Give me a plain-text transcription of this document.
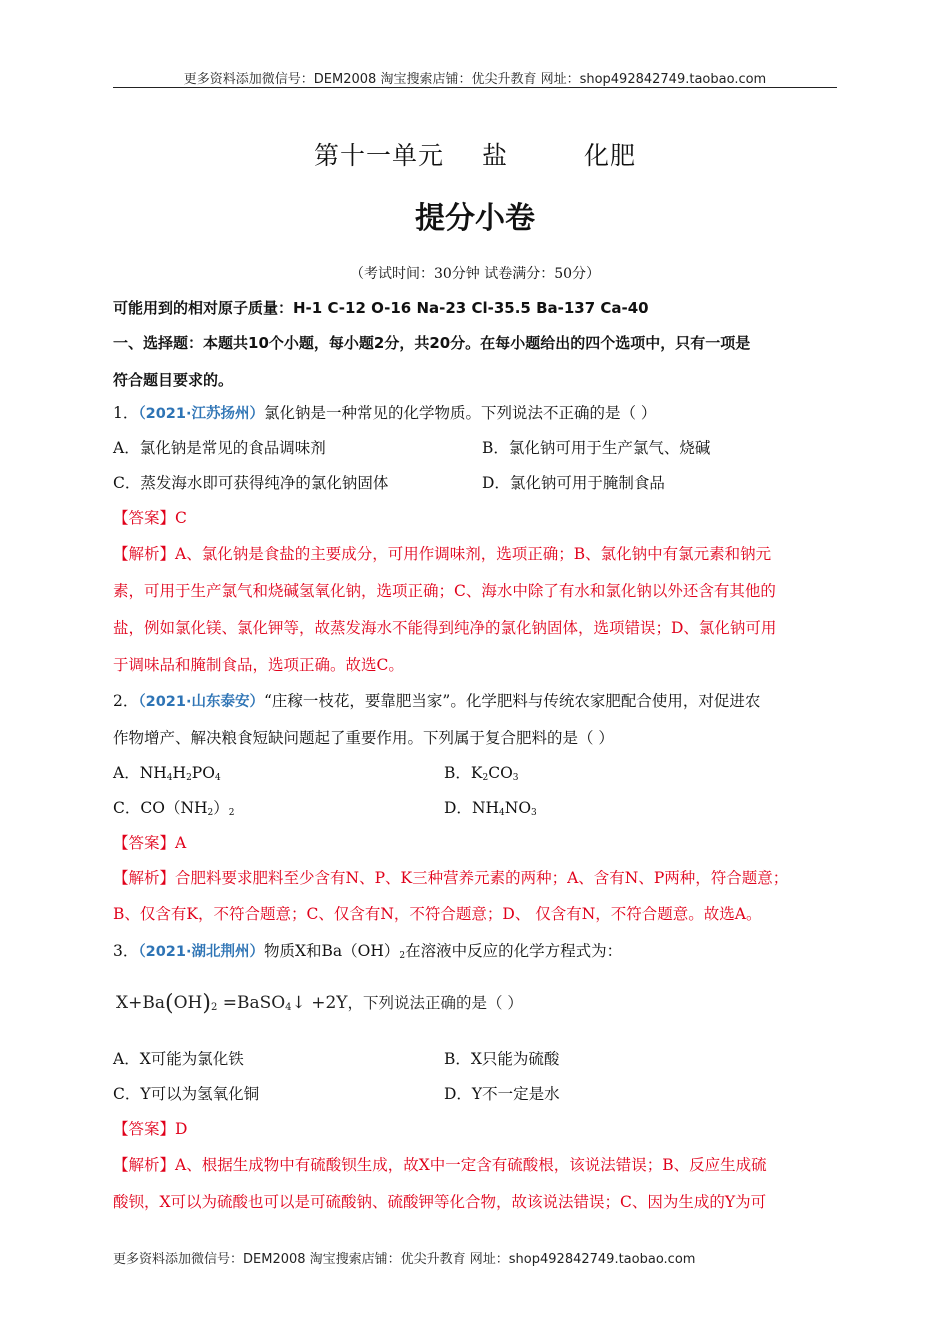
更多资料添加微信号：DEM2008 淘宝搜索店铺：优尖升教育 网址：shop492842749.taobao.com
第十一单元 盐	化肥
提分小卷
（考试时间：30分钟 试卷满分：50分）
可能用到的相对原子质量：H-1 C-12 O-16 Na-23 Cl-35.5 Ba-137 Ca-40
一、选择题：本题共10个小题，每小题2分，共20分。在每小题给出的四个选项中，只有一项是
符合题目要求的。
1．（2021·江苏扬州）氯化钠是一种常见的化学物质。下列说法不正确的是（ ）
A．氯化钠是常见的食品调味剂	B．氯化钠可用于生产氯气、烧碱
C．蒸发海水即可获得纯净的氯化钠固体	D．氯化钠可用于腌制食品
【答案】C
【解析】A、氯化钠是食盐的主要成分，可用作调味剂，选项正确；B、氯化钠中有氯元素和钠元
素，可用于生产氯气和烧碱氢氧化钠，选项正确；C、海水中除了有水和氯化钠以外还含有其他的
盐，例如氯化镁、氯化钾等，故蒸发海水不能得到纯净的氯化钠固体，选项错误；D、氯化钠可用
于调味品和腌制食品，选项正确。故选C。
2．（2021·山东泰安）“庄稼一枝花，要靠肥当家”。化学肥料与传统农家肥配合使用，对促进农
作物增产、解决粮食短缺问题起了重要作用。下列属于复合肥料的是（ ）
A．$NH_4H_2PO_4$	B．$K_2CO_3$
C．$CO(NH_2)_2$	D．$NH_4NO_3$
【答案】A
【解析】合肥料要求肥料至少含有N、P、K三种营养元素的两种；A、含有N、P两种，符合题意；
B、仅含有K，不符合题意；C、仅含有N，不符合题意；D、 仅含有N，不符合题意。故选A。
3．（2021·湖北荆州）物质X和$Ba(OH)_2$在溶液中反应的化学方程式为：
$X+Ba(OH)_2$ =BaSO$_4$↓ +2Y，下列说法正确的是（ ）
A．X可能为氯化铁	B．X只能为硫酸
C．Y可以为氢氧化铜	D．Y不一定是水
【答案】D
【解析】A、根据生成物中有硫酸钡生成，故X中一定含有硫酸根，该说法错误；B、反应生成硫
酸钡，X可以为硫酸也可以是可硫酸钠、硫酸钾等化合物，故该说法错误；C、因为生成的Y为可
更多资料添加微信号：DEM2008 淘宝搜索店铺：优尖升教育 网址：shop492842749.taobao.com
